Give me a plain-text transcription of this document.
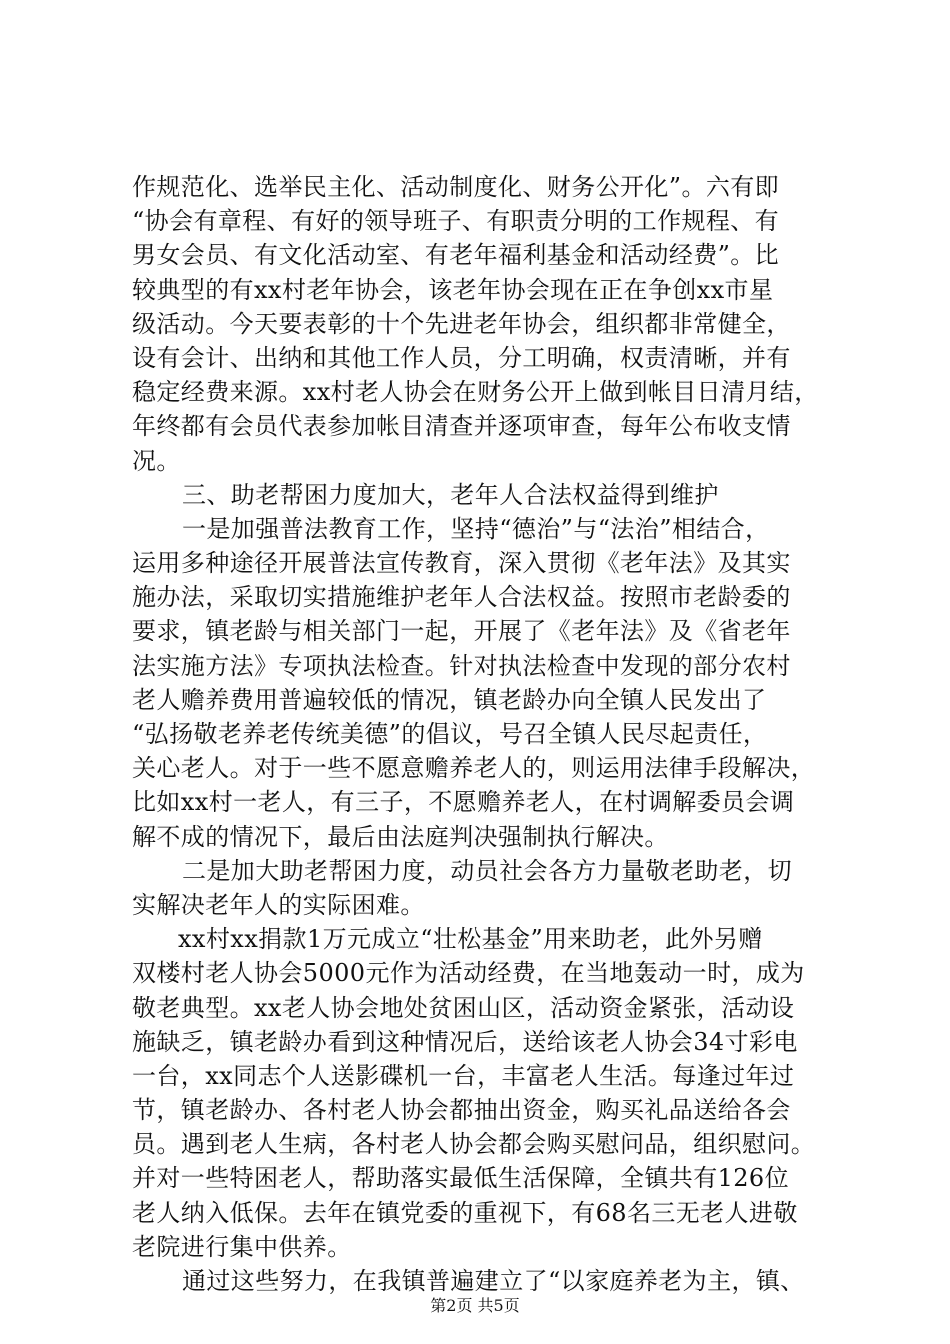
作规范化、选举民主化、活动制度化、财务公开化”。六有即
“协会有章程、有好的领导班子、有职责分明的工作规程、有
男女会员、有文化活动室、有老年福利基金和活动经费”。比
较典型的有xx村老年协会，该老年协会现在正在争创xx市星
级活动。今天要表彰的十个先进老年协会，组织都非常健全，
设有会计、出纳和其他工作人员，分工明确，权责清晰，并有
稳定经费来源。xx村老人协会在财务公开上做到帐目日清月结，
年终都有会员代表参加帐目清查并逐项审查，每年公布收支情
况。
三、助老帮困力度加大，老年人合法权益得到维护
一是加强普法教育工作，坚持“德治”与“法治”相结合，
运用多种途径开展普法宣传教育，深入贯彻《老年法》及其实
施办法，采取切实措施维护老年人合法权益。按照市老龄委的
要求，镇老龄与相关部门一起，开展了《老年法》及《省老年
法实施方法》专项执法检查。针对执法检查中发现的部分农村
老人赡养费用普遍较低的情况，镇老龄办向全镇人民发出了
“弘扬敬老养老传统美德”的倡议，号召全镇人民尽起责任，
关心老人。对于一些不愿意赡养老人的，则运用法律手段解决，
比如xx村一老人，有三子，不愿赡养老人，在村调解委员会调
解不成的情况下，最后由法庭判决强制执行解决。
二是加大助老帮困力度，动员社会各方力量敬老助老，切
实解决老年人的实际困难。
xx村xx捐款1万元成立“壮松基金”用来助老，此外另赠
双楼村老人协会5000元作为活动经费，在当地轰动一时，成为
敬老典型。xx老人协会地处贫困山区，活动资金紧张，活动设
施缺乏，镇老龄办看到这种情况后，送给该老人协会34寸彩电
一台，xx同志个人送影碟机一台，丰富老人生活。每逢过年过
节，镇老龄办、各村老人协会都抽出资金，购买礼品送给各会
员。遇到老人生病，各村老人协会都会购买慰问品，组织慰问。
并对一些特困老人，帮助落实最低生活保障，全镇共有126位
老人纳入低保。去年在镇党委的重视下，有68名三无老人进敬
老院进行集中供养。
通过这些努力，在我镇普遍建立了“以家庭养老为主，镇、
第2页 共5页
